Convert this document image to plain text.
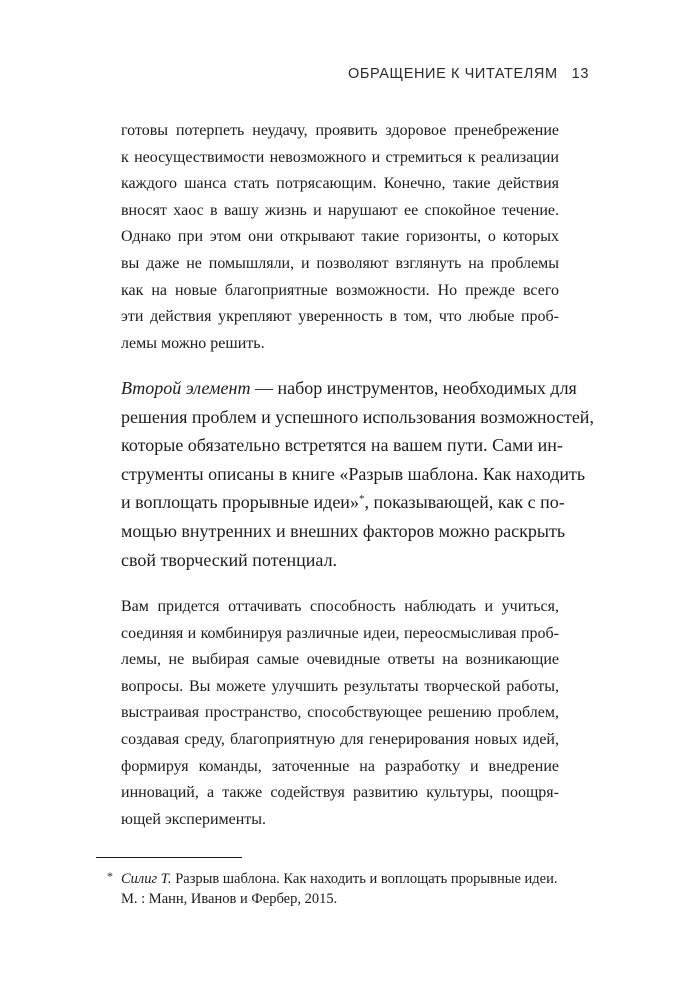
ОБРАЩЕНИЕ К ЧИТАТЕЛЯМ 13
готовы потерпеть неудачу, проявить здоровое пренебрежение
к неосуществимости невозможного и стремиться к реализации
каждого шанса стать потрясающим. Конечно, такие действия
вносят хаос в вашу жизнь и нарушают ее спокойное течение.
Однако при этом они открывают такие горизонты, о которых
вы даже не помышляли, и позволяют взглянуть на проблемы
как на новые благоприятные возможности. Но прежде всего
эти действия укрепляют уверенность в том, что любые проб-
лемы можно решить.
Второй элемент — набор инструментов, необходимых для
решения проблем и успешного использования возможностей,
которые обязательно встретятся на вашем пути. Сами ин-
струменты описаны в книге «Разрыв шаблона. Как находить
и воплощать прорывные идеи»*, показывающей, как с по-
мощью внутренних и внешних факторов можно раскрыть
свой творческий потенциал.
Вам придется оттачивать способность наблюдать и учиться,
соединяя и комбинируя различные идеи, переосмысливая проб-
лемы, не выбирая самые очевидные ответы на возникающие
вопросы. Вы можете улучшить результаты творческой работы,
выстраивая пространство, способствующее решению проблем,
создавая среду, благоприятную для генерирования новых идей,
формируя команды, заточенные на разработку и внедрение
инноваций, а также содействуя развитию культуры, поощря-
ющей эксперименты.
* Силиг Т. Разрыв шаблона. Как находить и воплощать прорывные идеи.
М. : Манн, Иванов и Фербер, 2015.
